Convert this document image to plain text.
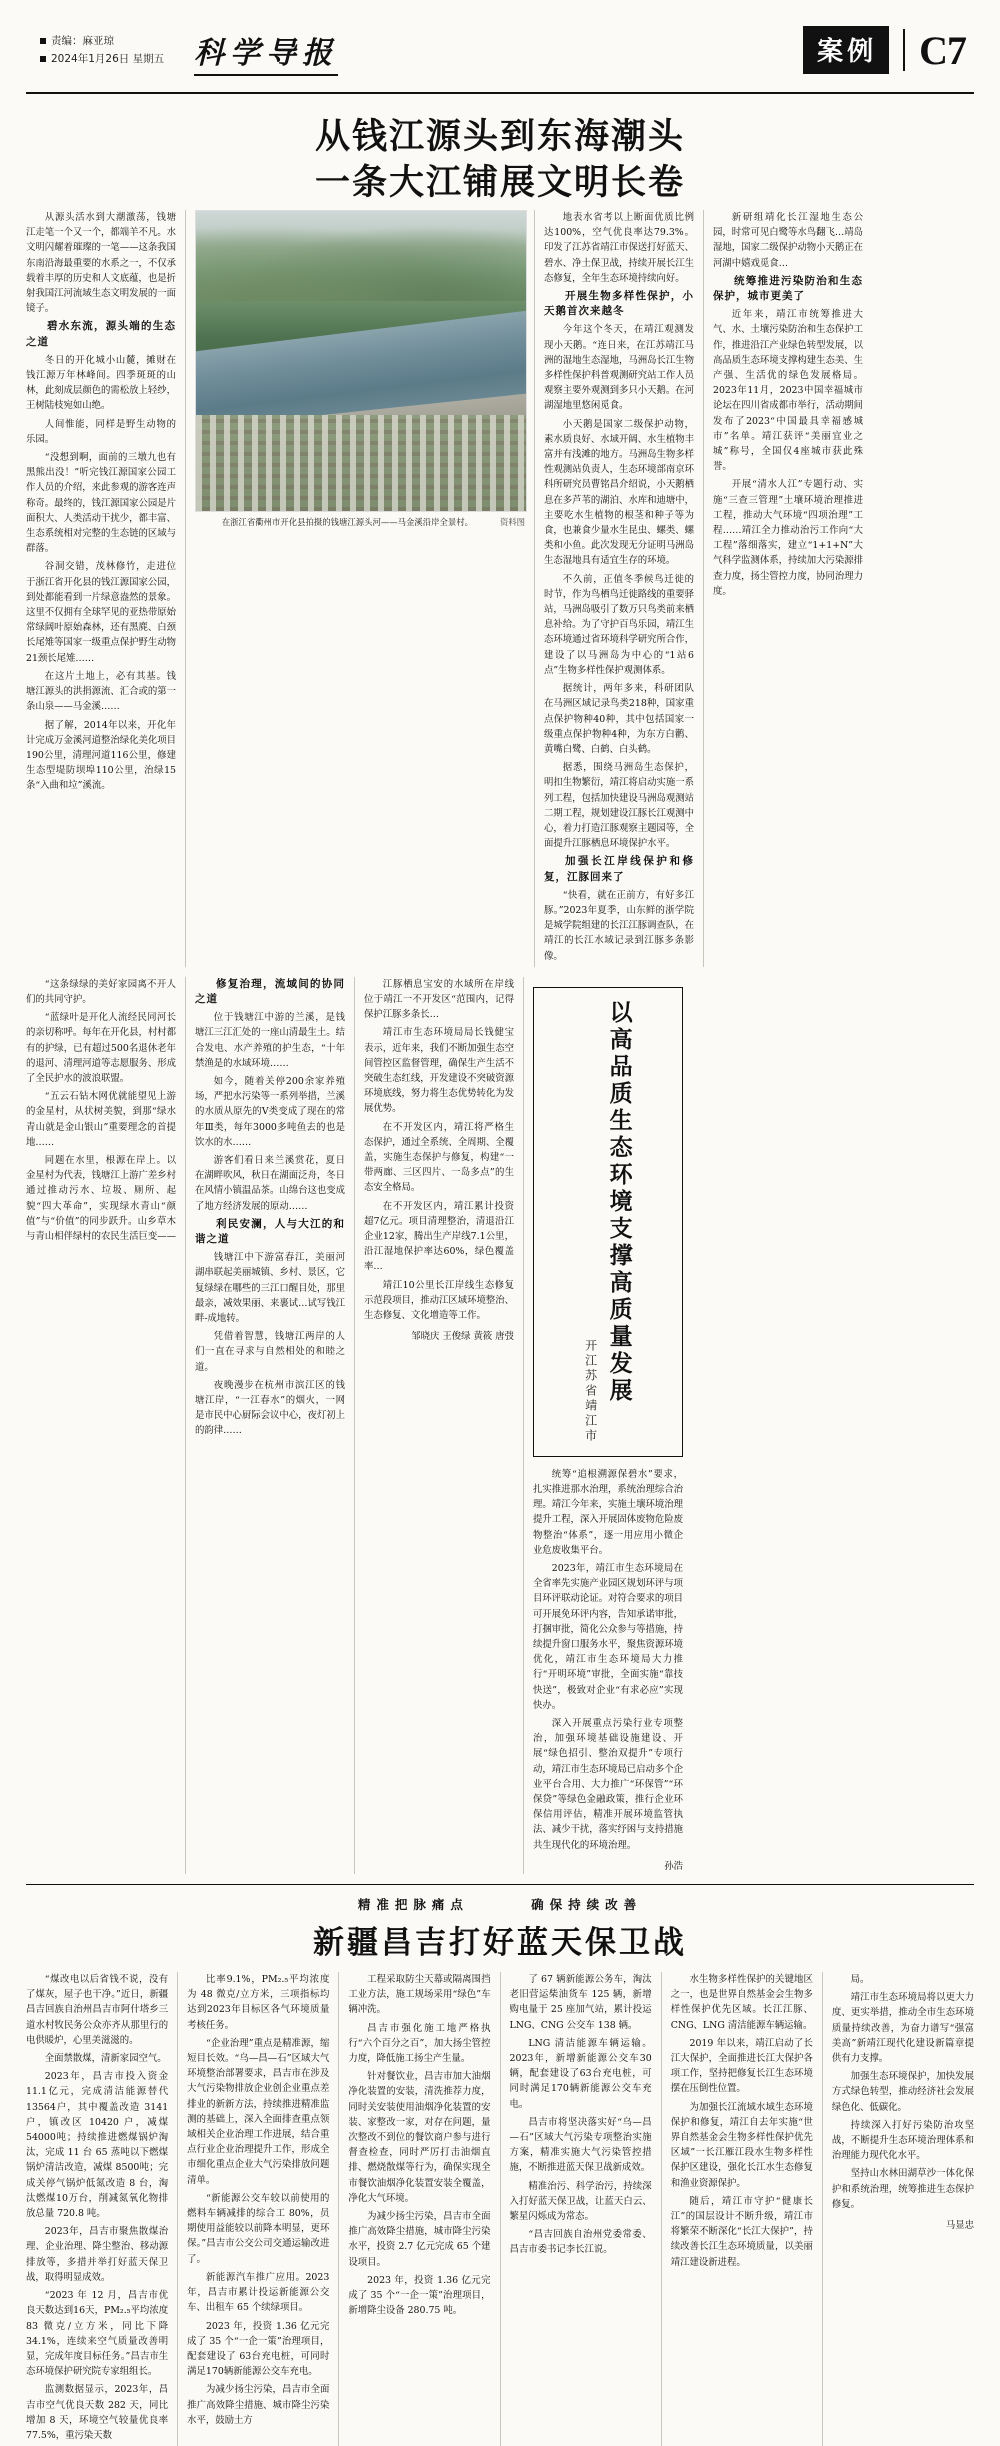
责编：麻亚琼
2024年1月26日 星期五 科学导报	案例	C7
从钱江源头到东海潮头
一条大江铺展文明长卷

从源头活水到大潮激荡，钱塘江走笔一个又一个，都端羊不凡。水文明闪耀着璀璨的一笔——这条我国东南沿海最重要的水系之一，不仅承载着丰厚的历史和人文底蕴，也是折射我国江河流域生态文明发展的一面镜子。

碧水东流，源头端的生态之道

冬日的开化城小山麓，摊财在钱江源万年林峰间。四季斑斑的山林，此刻成层颜色的需松放上轻纱，王树陆枝宛如山绝。

人间惟能，同样是野生动物的乐园。

“没想到啊，面前的三墩九也有黑熊出没！”听完钱江源国家公园工作人员的介绍，来此参观的游客连声称奇。最终的，钱江源国家公园是片面积大、人类活动干扰少，都丰富、生态系统相对完整的生态链的区域与群落。

谷洞交错，茂林修竹，走进位于浙江省开化县的钱江源国家公园，到处都能看到一片绿意盎然的景象。这里不仅拥有全球罕见的亚热带原始常绿阔叶原始森林，还有黑麂、白颈长尾雉等国家一级重点保护野生动物21颈长尾雉……

在这片土地上，必有其基。钱塘江源头的洪捐源流、汇合或的第一条山泉——马金溪……

据了解，2014年以来，开化年计完成万金溪河道整治绿化美化项目190公里，清理河道116公里，修建生态型堤防坝埠110公里，治绿15条“入曲和垃”溪流。

在浙江省衢州市开化县拍摄的钱塘江源头河——马金溪沿岸全景村。	资料图

地表水省考以上断面优质比例达100%，空气优良率达79.3%。印发了江苏省靖江市保送打好蓝天、碧水、净土保卫战，持续开展长江生态修复，全年生态环境持续向好。

开展生物多样性保护，小天鹅首次来越冬

今年这个冬天，在靖江观测发现小天鹅。“连日来，在江苏靖江马洲的湿地生态湿地，马洲岛长江生物多样性保护科普观测研究站工作人员观察主要外观测到多只小天鹅。在河湖湿地里悠闲觅食。

小天鹅是国家二级保护动物，素水质良好、水域开阔、水生植物丰富并有浅滩的地方。马洲岛生物多样性观测站负责人，生态环境部南京环科所研究员曹铭昌介绍说，小天鹅栖息在多芦苇的湖泊、水库和迪塘中，主要吃水生植物的根茎和种子等为食，也兼食少量水生昆虫、螺类、螺类和小鱼。此次发现无分证明马洲岛生态湿地具有适宜生存的环境。

不久前，正值冬季候鸟迁徙的时节，作为鸟栖鸟迁徙路线的重要驿站，马洲岛吸引了数万只鸟类前来栖息补给。为了守护百鸟乐园，靖江生态环境通过省环境科学研究所合作，建设了以马洲岛为中心的“1站6点”生物多样性保护观测体系。

据统计，两年多来，科研团队在马洲区域记录鸟类218种，国家重点保护物种40种，其中包括国家一级重点保护物种4种，为东方白鹳、黄嘴白鹭、白鹤、白头鹤。

据悉，围绕马洲岛生态保护，明扣生物繁衍，靖江将启动实施一系列工程，包括加快建设马洲岛观测站二期工程，规划建设江豚长江观测中心，着力打造江豚观察主题园等，全面提升江豚栖息环境保护水平。

加强长江岸线保护和修复，江豚回来了

“快看，就在正前方，有好多江豚。”2023年夏季，山东鲜的浙学院是城学院组建的长江江豚调查队，在靖江的长江水域记录到江豚多条影像。

新研组靖化长江湿地生态公园，时常可见白鹭等水鸟翻飞…靖岛湿地，国家二级保护动物小天鹅正在河湖中嬉戏觅食…

统筹推进污染防治和生态保护，城市更美了

近年来，靖江市统筹推进大气、水、土壤污染防治和生态保护工作，推进沿江产业绿色转型发展，以高品质生态环境支撑构建生态美、生产强、生活优的绿色发展格局。2023年11月，2023中国幸福城市论坛在四川省成都市举行，活动期间发布了2023“中国最具幸福感城市”名单。靖江获评“美丽宜业之城”称号，全国仅4座城市获此殊誉。

开展“清水人江”专题行动、实施“三查三管理”土壤环境治理推进工程，推动大气环境“四项治理”工程……靖江全力推动治污工作向“大工程”落细落实，建立“1+1+N”大气科学监测体系，持续加大污染源排查力度，扬尘管控力度，协同治理力度。

“这条绿绿的美好家园离不开人们的共同守护。

“蓝绿叶是开化人流经民同河长的亲切称呼。每年在开化县，村村都有的护绿，已有超过500名退休老年的退河、清理河道等志愿服务、形成了全民护水的波浪联盟。

“五云石钻木网优就能望见上游的金星村，从状树美貌，到那“绿水青山就是金山银山”重要理念的首提地……

同题在水里，根源在岸上。以金星村为代表，钱塘江上游广差乡村通过推动污水、垃圾、厕所、起貌“四大革命”，实现绿水青山“颜值”与“价值”的同步跃升。山乡草木与青山相伴绿村的农民生活巨变——

修复治理，流域间的协同之道

位于钱塘江中游的兰溪，是钱塘江三江汇处的一座山清最生土。结合发电、水产养殖的护生态，“十年禁渔是的水域环境……

如今，随着关停200余家养殖场，严把水污染等一系列举措，兰溪的水质从原先的V类变成了现在的常年Ⅲ类，每年3000多吨鱼去的也是饮水的水……

游客们看日来兰溪赏花，夏日在湖畔吹风，秋日在湖面泛舟，冬日在风情小镇温品茶。山绵台这也变成了地方经济发展的原动……

利民安澜，人与大江的和谐之道

钱塘江中下游富春江，美丽河湖串联起美丽城镇、乡村、景区，它复绿绿在哪些的三江口醒目处，那里最亲，减效果丽、来裹试…试写钱江畔-成地转。

凭借着智慧，钱塘江两岸的人们一直在寻求与自然相处的和睦之道。

夜晚漫步在杭州市滨江区的钱塘江岸，“一江春水”的烟火，一网是市民中心厨际会议中心，夜灯初上的韵律……

江豚栖息宝安的水域所在岸线位于靖江一不开发区“范围内，记得保护江豚多条长…

靖江市生态环境局局长钱健宝表示，近年来，我们不断加强生态空间管控区监督管理，确保生产生活不突破生态红线，开发建设不突破资源环境底线，努力将生态优势转化为发展优势。

在不开发区内，靖江将严格生态保护，通过全系统、全周期、全覆盖，实施生态保护与修复，构建“一带两廊、三区四片、一岛多点”的生态安全格局。

在不开发区内，靖江累计投资超7亿元。项目清理整治，清退沿江企业12家，腾出生产岸线7.1公里，沿江湿地保护率达60%，绿色覆盖率…

靖江10公里长江岸线生态修复示范段项目，推动江区域环境整治、生态修复、文化增造等工作。

邹晓庆 王俊绿 黄筱 唐弢	以高品质生态环境支撑高质量发展
开江苏省靖江市

统筹“追根溯源保碧水”要求，扎实推进那水治理，系统治理综合治理。靖江今年来，实施土壤环境治理提升工程，深入开展固体废物危险废物整治“体系”，逐一用应用小微企业危废收集平台。

2023年，靖江市生态环境局在全省率先实施产业园区规划环评与项目环评联动论证。对符合要求的项目可开展免环评内容，告知承诺审批，打捆审批，简化公众参与等措施，持续提升窗口服务水平，聚焦资源环境优化，靖江市生态环境局大力推行“开明环境”审批，全面实施“靠技快送”，极致对企业“有求必应”实现快办。

深入开展重点污染行业专项整治，加强环境基础设施建设、开展“绿色招引、整治双提升”专项行动，靖江市生态环境局已启动多个企业平台合用、大力推广“环保管”“环保贷”等绿色金融政策，推行企业环保信用评估，精准开展环境监管执法、减少干扰，落实纾困与支持措施共生现代化的环境治理。

孙浩
精准把脉痛点	确保持续改善
新疆昌吉打好蓝天保卫战

“煤改电以后省钱不说，没有了煤灰，屋子也干净。”近日，新疆昌吉回族自治州昌吉市阿什塔乡三道水村牧民务公众亦齐从那里行的电供暖炉，心里美滋滋的。

全面禁散煤，清新家园空气。

2023年，昌吉市投入资金11.1亿元，完成清洁能源替代13564户，其中覆盖改造 3141 户，镇改区 10420 户，减煤54000吨；持续推进燃煤锅炉淘汰，完成 11 台 65 蒸吨以下燃煤锅炉清洁改造，减煤 8500吨；完成关停气锅炉低氮改造 8 台，淘汰燃煤10万台，削减氮氧化物排放总量 720.8 吨。

2023年，昌吉市聚焦散煤治理、企业治理、降尘整治、移动源排放等，多措并举打好蓝天保卫战，取得明显成效。

“2023 年 12 月，昌吉市优良天数达到16天，PM₂.₅平均浓度 83 微克/立方米，同比下降34.1%，连续来空气质量改善明显，完成年度目标任务。”昌吉市生态环境保护研究院专家组组长。

监测数据显示，2023年，昌吉市空气优良天数 282 天，同比增加 8 天，环境空气较量优良率 77.5%，重污染天数

比率9.1%，PM₂.₅平均浓度为 48 微克/立方米，三项指标均达到2023年目标区各气环境质量考核任务。

“企业治理”重点是精准源，缩短目长效。“乌—昌—石”区域大气环境整治部署要求，昌吉市在涉及大气污染物排放企业创企业重点差排业的新新方法，持续推进精准监测的基础上，深入全面排查重点领域相关企业治理工作进展，结合重点行业企业治理提升工作，形成全市细化重点企业大气污染排放问题清单。

“新能源公交车较以前使用的燃料车辆减排的综合工 80%，员期使用益能较以前降本明显，更环保。”昌吉市公交公司交通运输改进了。

新能源汽车推广应用。2023年，昌吉市累计投运新能源公交车、出租车 65 个续绿项目。

2023 年，投资 1.36 亿元完成了 35 个“一企一策”治理项目，配套建设了 63台充电桩，可同时满足170辆新能源公交车充电。

为减少扬尘污染，昌吉市全面推广高效降尘措施、城市降尘污染水平，鼓励土方

工程采取防尘天幕或隔离围挡工业方法，施工规场采用“绿色”车辆冲洗。

昌吉市强化施工地严格执行“六个百分之百”，加大扬尘管控力度，降低施工扬尘产生量。

针对餐饮业，昌吉市加大油烟净化装置的安装，清洗推荐力度，同时关安装使用油烟净化装置的安装、家整改一家，对存在问题，量次整改不到位的餐饮商户参与进行督查检查，同时严厉打击油烟直排、燃烧散煤等行为，确保实现全市餐饮油烟净化装置安装全覆盖，净化大气环境。

为减少扬尘污染，昌吉市全面推广高效降尘措施，城市降尘污染水平，投资 2.7 亿元完成 65 个建设项目。

2023 年，投资 1.36 亿元完成了 35 个“一企一策”治理项目，新增降尘设备 280.75 吨。

了 67 辆新能源公务车，淘汰老旧营运柴油货车 125 辆，新增购电量于 25 座加气站，累计投运 LNG、CNG 公交车 138 辆。

LNG 清洁能源车辆运输。2023年，新增新能源公交车30辆，配套建设了63台充电桩，可同时满足170辆新能源公交车充电。

昌吉市将坚决落实好“乌—昌—石”区域大气污染专项整治实施方案，精准实施大气污染管控措施，不断推进蓝天保卫战新成效。

精准治污、科学治污，持续深入打好蓝天保卫战，让蓝天白云、繁星闪烁成为常态。

“昌吉回族自治州党委常委、昌吉市委书记李长江说。

水生物多样性保护的关键地区之一，也是世界自然基金会生物多样性保护优先区域。长江江豚、CNG、LNG 清洁能源车辆运输。

2019 年以来，靖江启动了长江大保护，全面推进长江大保护各项工作，坚持把修复长江生态环境摆在压倒性位置。

为加强长江流域水域生态环境保护和修复，靖江自去年实施“世界自然基金会生物多样性保护优先区域”一长江雁江段水生物多样性保护区建设，强化长江水生态修复和渔业资源保护。

随后，靖江市守护“健康长江”的国层设计不断升级，靖江市将繁荣不断深化“长江大保护”，持续改善长江生态环境质量，以美丽靖江建设新进程。

局。

靖江市生态环境局将以更大力度、更实举措，推动全市生态环境质量持续改善，为奋力谱写“强富美高”新靖江现代化建设新篇章提供有力支撑。

加强生态环境保护，加快发展方式绿色转型，推动经济社会发展绿色化、低碳化。

持续深入打好污染防治攻坚战，不断提升生态环境治理体系和治理能力现代化水平。

坚持山水林田湖草沙一体化保护和系统治理，统筹推进生态保护修复。

马显忠
